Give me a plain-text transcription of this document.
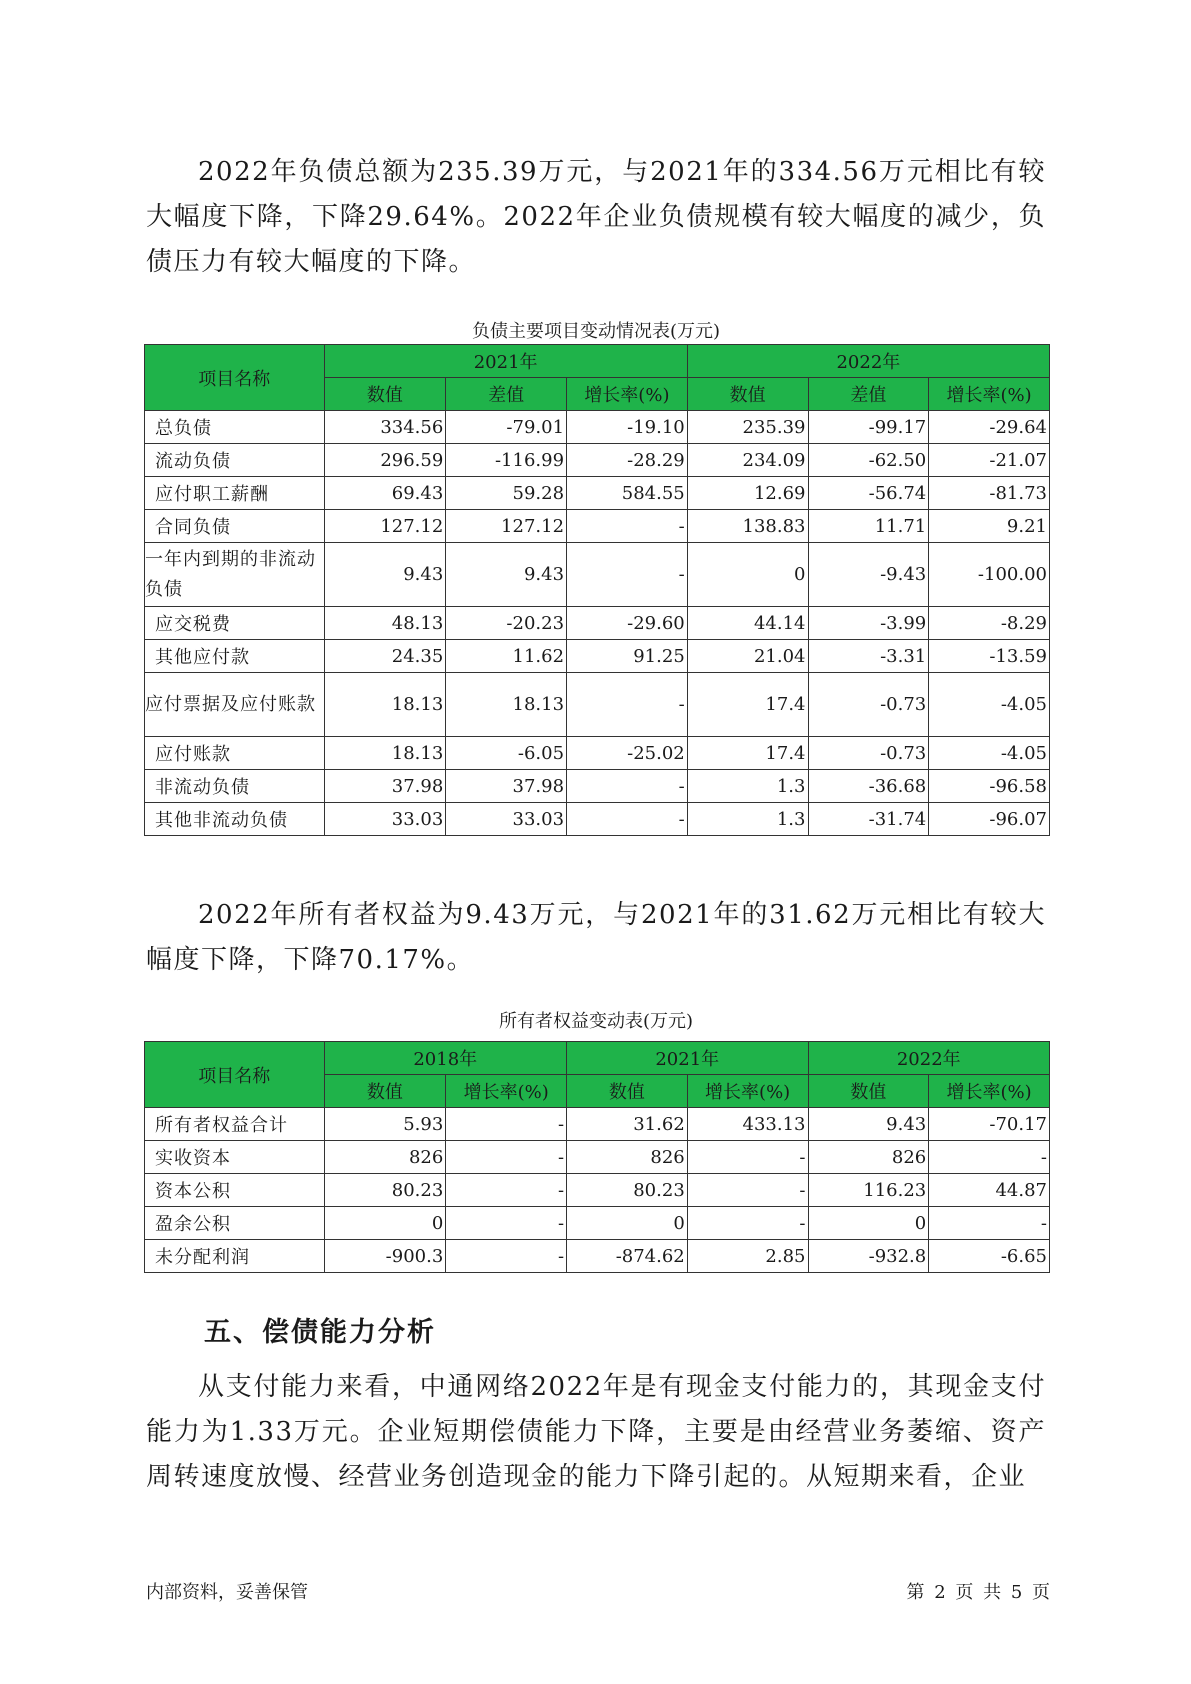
2022年负债总额为235.39万元，与2021年的334.56万元相比有较大幅度下降，下降29.64%。2022年企业负债规模有较大幅度的减少，负债压力有较大幅度的下降。

负债主要项目变动情况表(万元)
项目名称	2021年			2022年		
	数值	差值	增长率(%)	数值	差值	增长率(%)
总负债	334.56	-79.01	-19.10	235.39	-99.17	-29.64
流动负债	296.59	-116.99	-28.29	234.09	-62.50	-21.07
应付职工薪酬	69.43	59.28	584.55	12.69	-56.74	-81.73
合同负债	127.12	127.12	-	138.83	11.71	9.21
一年内到期的非流动负债	9.43	9.43	-	0	-9.43	-100.00
应交税费	48.13	-20.23	-29.60	44.14	-3.99	-8.29
其他应付款	24.35	11.62	91.25	21.04	-3.31	-13.59
应付票据及应付账款	18.13	18.13	-	17.4	-0.73	-4.05
应付账款	18.13	-6.05	-25.02	17.4	-0.73	-4.05
非流动负债	37.98	37.98	-	1.3	-36.68	-96.58
其他非流动负债	33.03	33.03	-	1.3	-31.74	-96.07

2022年所有者权益为9.43万元，与2021年的31.62万元相比有较大幅度下降，下降70.17%。

所有者权益变动表(万元)
项目名称	2018年		2021年		2022年	
	数值	增长率(%)	数值	增长率(%)	数值	增长率(%)
所有者权益合计	5.93	-	31.62	433.13	9.43	-70.17
实收资本	826	-	826	-	826	-
资本公积	80.23	-	80.23	-	116.23	44.87
盈余公积	0	-	0	-	0	-
未分配利润	-900.3	-	-874.62	2.85	-932.8	-6.65
五、偿债能力分析

从支付能力来看，中通网络2022年是有现金支付能力的，其现金支付能力为1.33万元。企业短期偿债能力下降，主要是由经营业务萎缩、资产周转速度放慢、经营业务创造现金的能力下降引起的。从短期来看，企业

内部资料，妥善保管	第 2 页 共 5 页
